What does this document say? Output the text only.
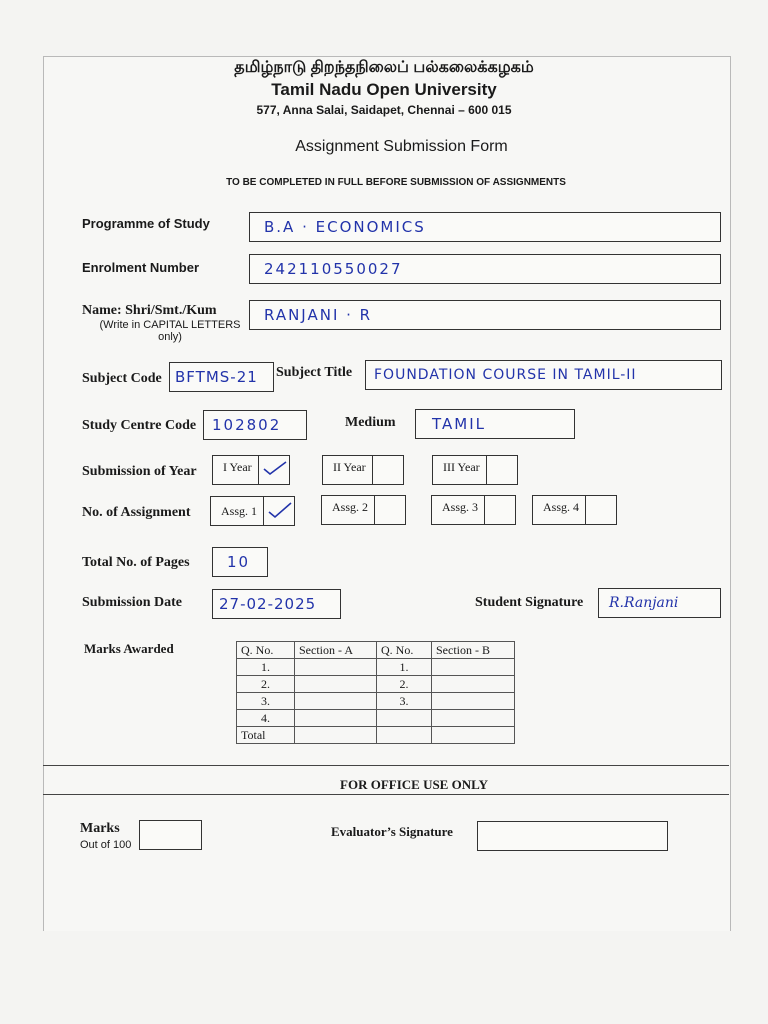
தமிழ்நாடு திறந்தநிலைப் பல்கலைக்கழகம்
Tamil Nadu Open University
577, Anna Salai, Saidapet, Chennai – 600 015
Assignment Submission Form
TO BE COMPLETED IN FULL BEFORE SUBMISSION OF ASSIGNMENTS
Programme of Study	B.A · ECONOMICS
Enrolment Number	242110550027
Name: Shri/Smt./Kum
(Write in CAPITAL LETTERS only)
RANJANI · R
Subject Code BFTMS-21 Subject Title FOUNDATION COURSE IN TAMIL-II
Study Centre Code 102802	Medium TAMIL
Submission of Year	I Year	II Year	III Year
No. of Assignment	Assg. 1	Assg. 2	Assg. 3	Assg. 4
Total No. of Pages 10
Submission Date 27-02-2025	Student Signature R.Ranjani
Marks Awarded	Q. No.	Section - A	Q. No.	Section - B
1.		1.	
2.		2.	
3.		3.	
4.			
Total			
FOR OFFICE USE ONLY
Marks
Out of 100
Evaluator’s Signature
